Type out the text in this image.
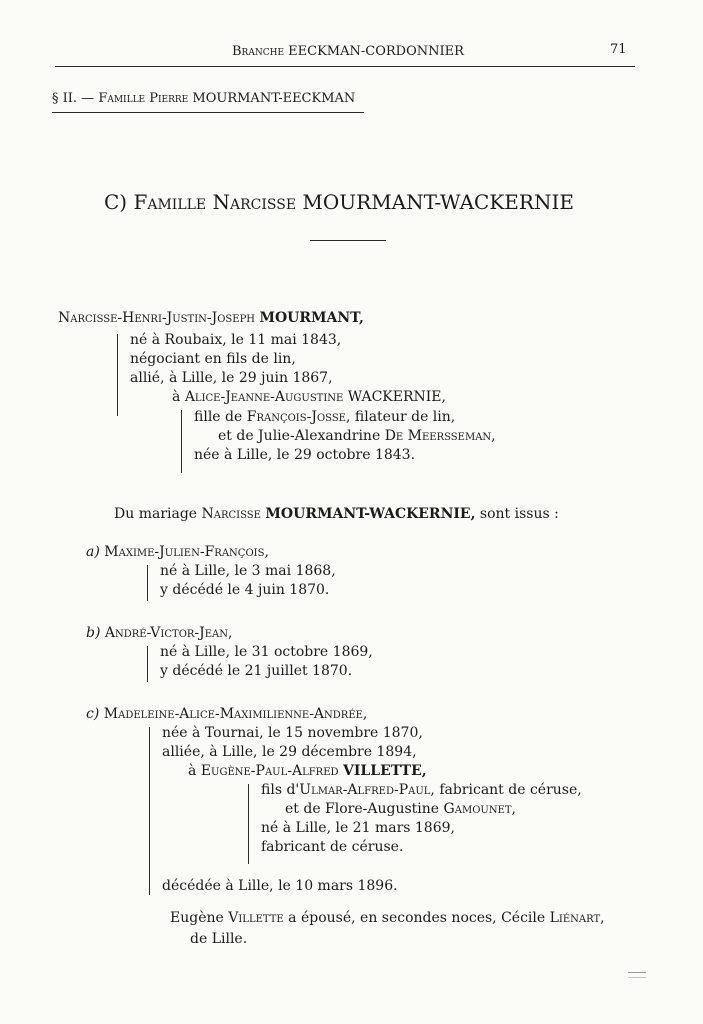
Branche EECKMAN-CORDONNIER	71
§ II. — Famille Pierre MOURMANT-EECKMAN
C) Famille Narcisse MOURMANT-WACKERNIE
Narcisse-Henri-Justin-Joseph MOURMANT,
né à Roubaix, le 11 mai 1843,
négociant en fils de lin,
allié, à Lille, le 29 juin 1867,
à Alice-Jeanne-Augustine WACKERNIE,
fille de François-Josse, filateur de lin,
et de Julie-Alexandrine De Meersseman,
née à Lille, le 29 octobre 1843.
Du mariage Narcisse MOURMANT-WACKERNIE, sont issus :
a) Maxime-Julien-François,
né à Lille, le 3 mai 1868,
y décédé le 4 juin 1870.
b) André-Victor-Jean,
né à Lille, le 31 octobre 1869,
y décédé le 21 juillet 1870.
c) Madeleine-Alice-Maximilienne-Andrée,
née à Tournai, le 15 novembre 1870,
alliée, à Lille, le 29 décembre 1894,
à Eugène-Paul-Alfred VILLETTE,
fils d'Ulmar-Alfred-Paul, fabricant de céruse,
et de Flore-Augustine Gamounet,
né à Lille, le 21 mars 1869,
fabricant de céruse.
décédée à Lille, le 10 mars 1896.
Eugène Villette a épousé, en secondes noces, Cécile Liénart,
de Lille.
